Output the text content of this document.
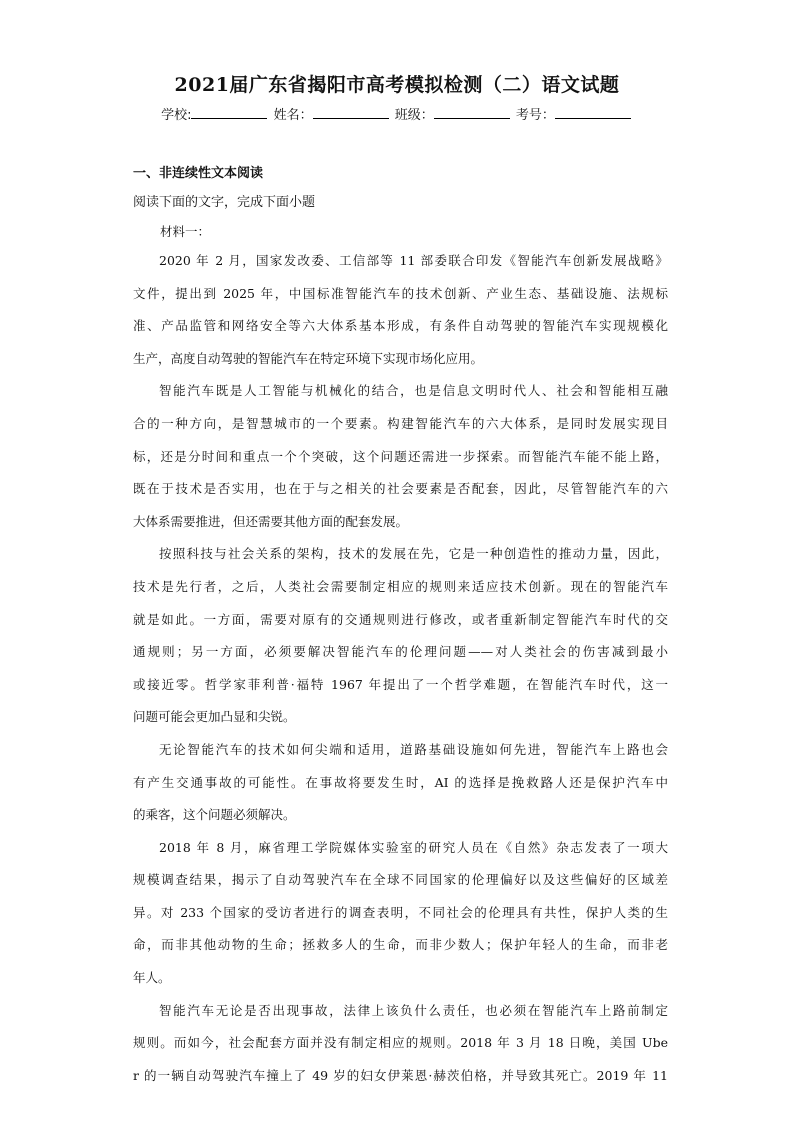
2021届广东省揭阳市高考模拟检测（二）语文试题
学校:	姓名：	班级：	考号：
一、非连续性文本阅读
阅读下面的文字，完成下面小题
材料一：
2020 年 2 月，国家发改委、工信部等 11 部委联合印发《智能汽车创新发展战略》
文件，提出到 2025 年，中国标准智能汽车的技术创新、产业生态、基础设施、法规标
准、产品监管和网络安全等六大体系基本形成，有条件自动驾驶的智能汽车实现规模化
生产，高度自动驾驶的智能汽车在特定环境下实现市场化应用。
智能汽车既是人工智能与机械化的结合，也是信息文明时代人、社会和智能相互融
合的一种方向，是智慧城市的一个要素。构建智能汽车的六大体系，是同时发展实现目
标，还是分时间和重点一个个突破，这个问题还需进一步探索。而智能汽车能不能上路，
既在于技术是否实用，也在于与之相关的社会要素是否配套，因此，尽管智能汽车的六
大体系需要推进，但还需要其他方面的配套发展。
按照科技与社会关系的架构，技术的发展在先，它是一种创造性的推动力量，因此，
技术是先行者，之后，人类社会需要制定相应的规则来适应技术创新。现在的智能汽车
就是如此。一方面，需要对原有的交通规则进行修改，或者重新制定智能汽车时代的交
通规则；另一方面，必须要解决智能汽车的伦理问题——对人类社会的伤害减到最小
或接近零。哲学家菲利普·福特 1967 年提出了一个哲学难题，在智能汽车时代，这一
问题可能会更加凸显和尖锐。
无论智能汽车的技术如何尖端和适用，道路基础设施如何先进，智能汽车上路也会
有产生交通事故的可能性。在事故将要发生时，AI 的选择是挽救路人还是保护汽车中
的乘客，这个问题必须解决。
2018 年 8 月，麻省理工学院媒体实验室的研究人员在《自然》杂志发表了一项大
规模调查结果，揭示了自动驾驶汽车在全球不同国家的伦理偏好以及这些偏好的区域差
异。对 233 个国家的受访者进行的调查表明，不同社会的伦理具有共性，保护人类的生
命，而非其他动物的生命；拯救多人的生命，而非少数人；保护年轻人的生命，而非老
年人。
智能汽车无论是否出现事故，法律上该负什么责任，也必须在智能汽车上路前制定
规则。而如今，社会配套方面并没有制定相应的规则。2018 年 3 月 18 日晚，美国 Ube
r 的一辆自动驾驶汽车撞上了 49 岁的妇女伊莱恩·赫茨伯格，并导致其死亡。2019 年 11
